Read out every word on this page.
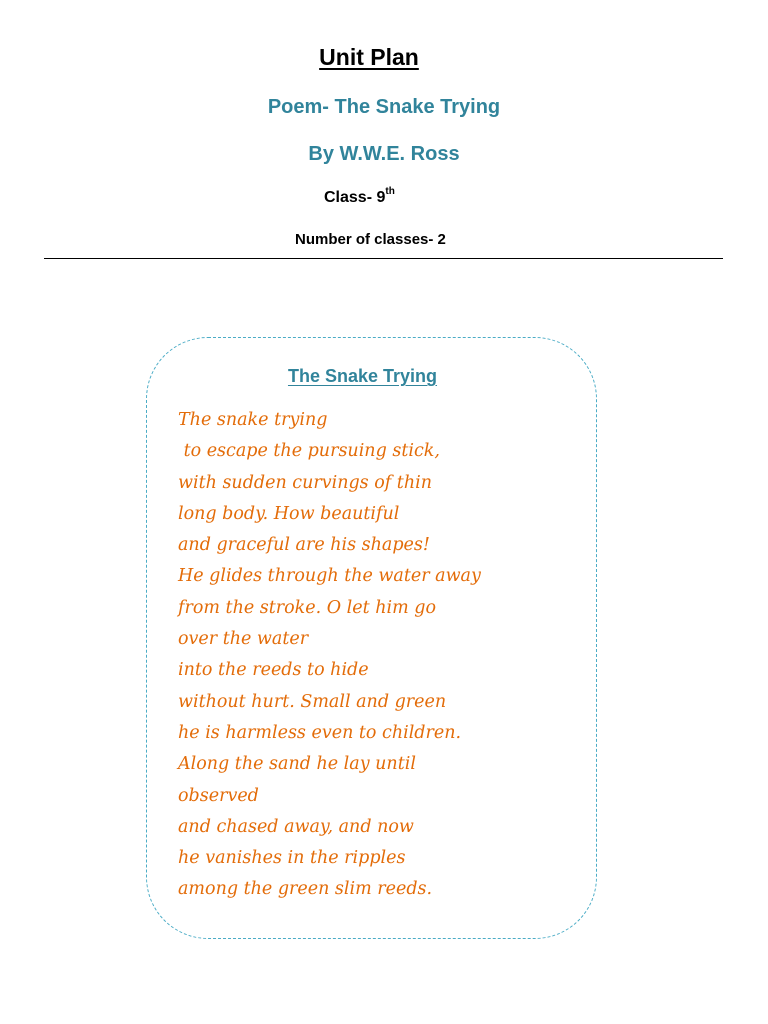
Unit Plan
Poem- The Snake Trying
By W.W.E. Ross
Class- 9th
Number of classes- 2
The Snake Trying
The snake trying
to escape the pursuing stick,
with sudden curvings of thin
long body. How beautiful
and graceful are his shapes!
He glides through the water away
from the stroke. O let him go
over the water
into the reeds to hide
without hurt. Small and green
he is harmless even to children.
Along the sand he lay until
observed
and chased away, and now
he vanishes in the ripples
among the green slim reeds.
